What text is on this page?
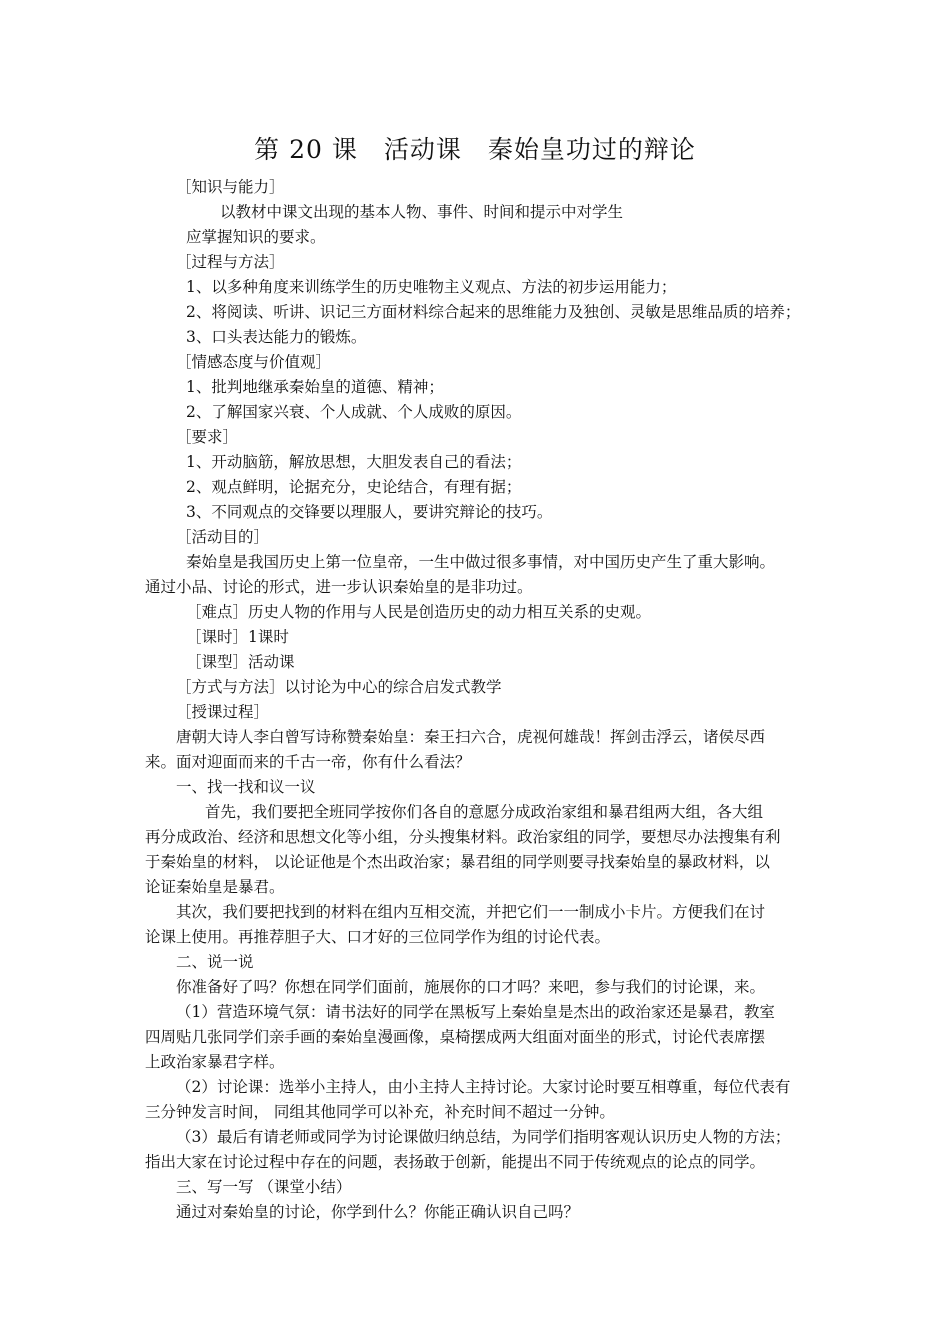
第 20 课　活动课　秦始皇功过的辩论
［知识与能力］
以教材中课文出现的基本人物、事件、时间和提示中对学生
应掌握知识的要求。
［过程与方法］
1、以多种角度来训练学生的历史唯物主义观点、方法的初步运用能力；
2、将阅读、听讲、识记三方面材料综合起来的思维能力及独创、灵敏是思维品质的培养；
3、口头表达能力的锻炼。
［情感态度与价值观］
1、批判地继承秦始皇的道德、精神；
2、了解国家兴衰、个人成就、个人成败的原因。
［要求］
1、开动脑筋，解放思想，大胆发表自己的看法；
2、观点鲜明，论据充分，史论结合，有理有据；
3、不同观点的交锋要以理服人，要讲究辩论的技巧。
［活动目的］
秦始皇是我国历史上第一位皇帝，一生中做过很多事情，对中国历史产生了重大影响。
通过小品、讨论的形式，进一步认识秦始皇的是非功过。
［难点］历史人物的作用与人民是创造历史的动力相互关系的史观。
［课时］1课时
［课型］活动课
［方式与方法］以讨论为中心的综合启发式教学
［授课过程］
唐朝大诗人李白曾写诗称赞秦始皇：秦王扫六合，虎视何雄哉！挥剑击浮云，诸侯尽西
来。面对迎面而来的千古一帝，你有什么看法？
一、找一找和议一议
首先，我们要把全班同学按你们各自的意愿分成政治家组和暴君组两大组，各大组
再分成政治、经济和思想文化等小组，分头搜集材料。政治家组的同学，要想尽办法搜集有利
于秦始皇的材料， 以论证他是个杰出政治家；暴君组的同学则要寻找秦始皇的暴政材料，以
论证秦始皇是暴君。
其次，我们要把找到的材料在组内互相交流，并把它们一一制成小卡片。方便我们在讨
论课上使用。再推荐胆子大、口才好的三位同学作为组的讨论代表。
二、说一说
你准备好了吗？你想在同学们面前，施展你的口才吗？来吧，参与我们的讨论课，来。
（1）营造环境气氛：请书法好的同学在黑板写上秦始皇是杰出的政治家还是暴君，教室
四周贴几张同学们亲手画的秦始皇漫画像，桌椅摆成两大组面对面坐的形式，讨论代表席摆
上政治家暴君字样。
（2）讨论课：选举小主持人，由小主持人主持讨论。大家讨论时要互相尊重，每位代表有
三分钟发言时间， 同组其他同学可以补充，补充时间不超过一分钟。
（3）最后有请老师或同学为讨论课做归纳总结，为同学们指明客观认识历史人物的方法；
指出大家在讨论过程中存在的问题，表扬敢于创新，能提出不同于传统观点的论点的同学。
三、写一写 （课堂小结）
通过对秦始皇的讨论，你学到什么？你能正确认识自己吗？
